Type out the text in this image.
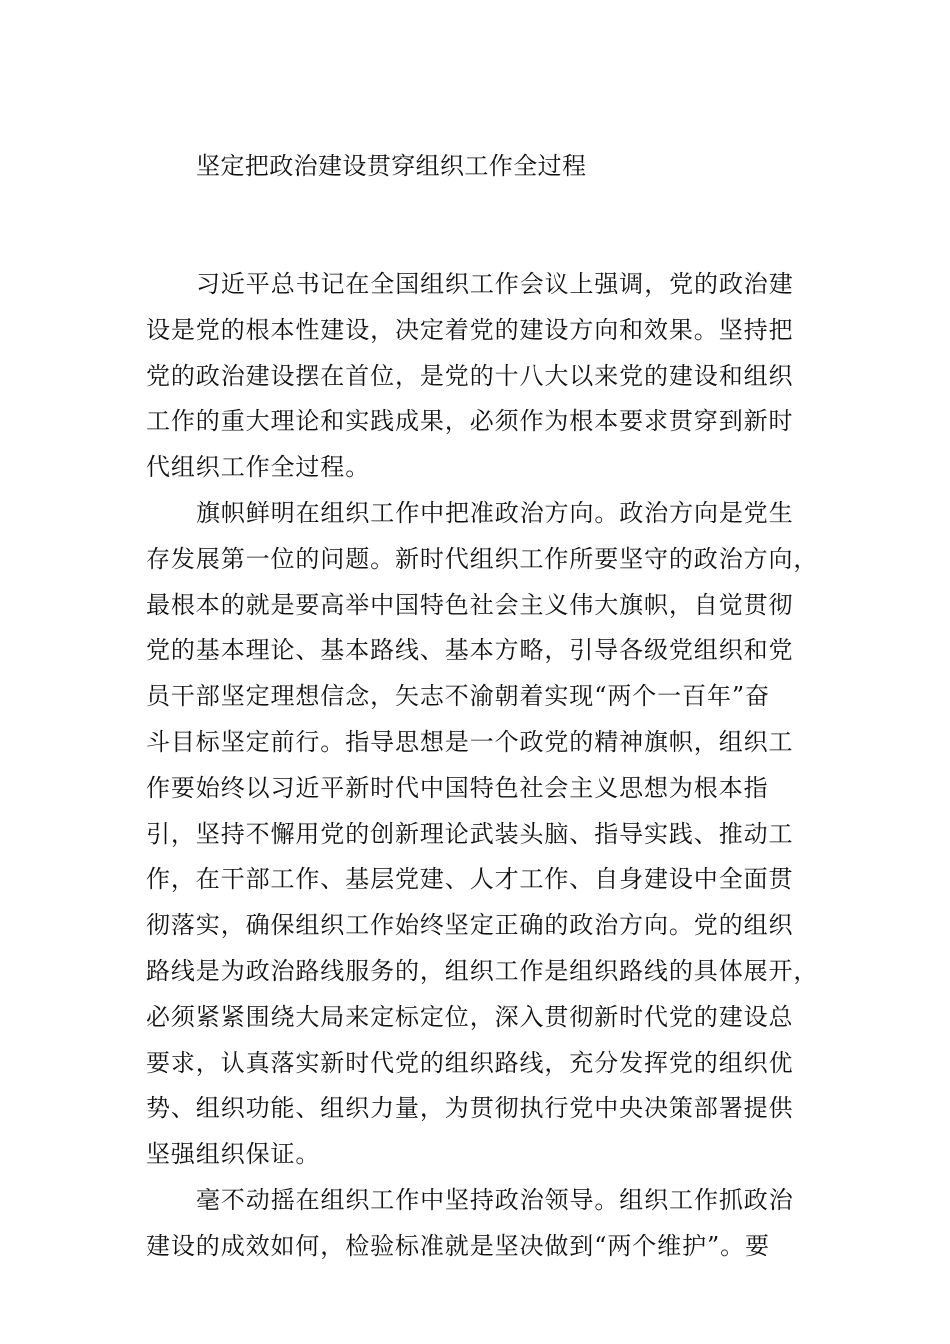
坚定把政治建设贯穿组织工作全过程
习近平总书记在全国组织工作会议上强调，党的政治建
设是党的根本性建设，决定着党的建设方向和效果。坚持把
党的政治建设摆在首位，是党的十八大以来党的建设和组织
工作的重大理论和实践成果，必须作为根本要求贯穿到新时
代组织工作全过程。
旗帜鲜明在组织工作中把准政治方向。政治方向是党生
存发展第一位的问题。新时代组织工作所要坚守的政治方向，
最根本的就是要高举中国特色社会主义伟大旗帜，自觉贯彻
党的基本理论、基本路线、基本方略，引导各级党组织和党
员干部坚定理想信念，矢志不渝朝着实现“两个一百年”奋
斗目标坚定前行。指导思想是一个政党的精神旗帜，组织工
作要始终以习近平新时代中国特色社会主义思想为根本指
引，坚持不懈用党的创新理论武装头脑、指导实践、推动工
作，在干部工作、基层党建、人才工作、自身建设中全面贯
彻落实，确保组织工作始终坚定正确的政治方向。党的组织
路线是为政治路线服务的，组织工作是组织路线的具体展开，
必须紧紧围绕大局来定标定位，深入贯彻新时代党的建设总
要求，认真落实新时代党的组织路线，充分发挥党的组织优
势、组织功能、组织力量，为贯彻执行党中央决策部署提供
坚强组织保证。
毫不动摇在组织工作中坚持政治领导。组织工作抓政治
建设的成效如何，检验标准就是坚决做到“两个维护”。要
